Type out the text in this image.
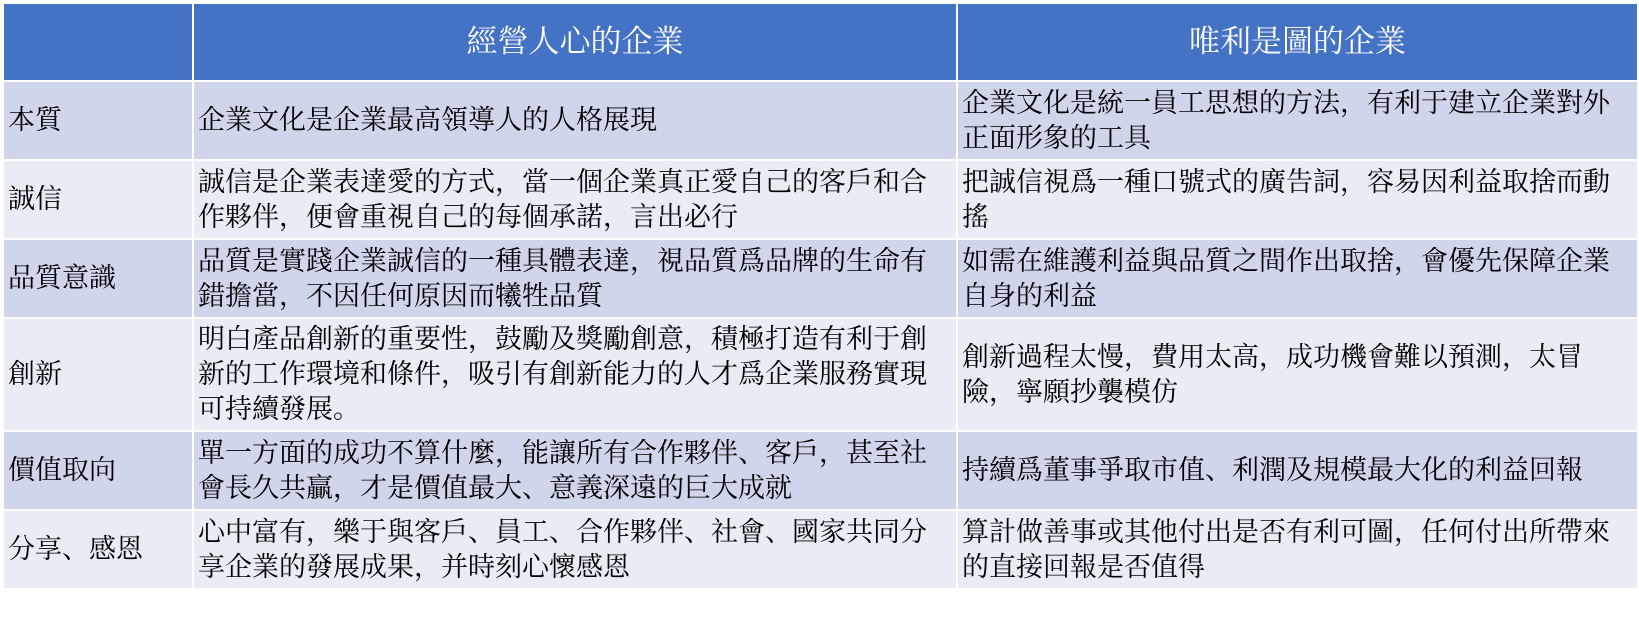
	經營人心的企業	唯利是圖的企業
本質	企業文化是企業最高領導人的人格展現	企業文化是統一員工思想的方法，有利于建立企業對外正面形象的工具
誠信	誠信是企業表達愛的方式，當一個企業真正愛自己的客戶和合作夥伴，便會重視自己的每個承諾，言出必行	把誠信視爲一種口號式的廣告詞，容易因利益取捨而動搖
品質意識	品質是實踐企業誠信的一種具體表達，視品質爲品牌的生命有錯擔當，不因任何原因而犧牲品質	如需在維護利益與品質之間作出取捨，會優先保障企業自身的利益
創新	明白產品創新的重要性，鼓勵及獎勵創意，積極打造有利于創新的工作環境和條件，吸引有創新能力的人才爲企業服務實現可持續發展。	創新過程太慢，費用太高，成功機會難以預測，太冒險，寧願抄襲模仿
價值取向	單一方面的成功不算什麼，能讓所有合作夥伴、客戶，甚至社會長久共贏，才是價值最大、意義深遠的巨大成就	持續爲董事爭取市值、利潤及規模最大化的利益回報
分享、感恩	心中富有，樂于與客戶、員工、合作夥伴、社會、國家共同分享企業的發展成果，并時刻心懷感恩	算計做善事或其他付出是否有利可圖，任何付出所帶來的直接回報是否值得
